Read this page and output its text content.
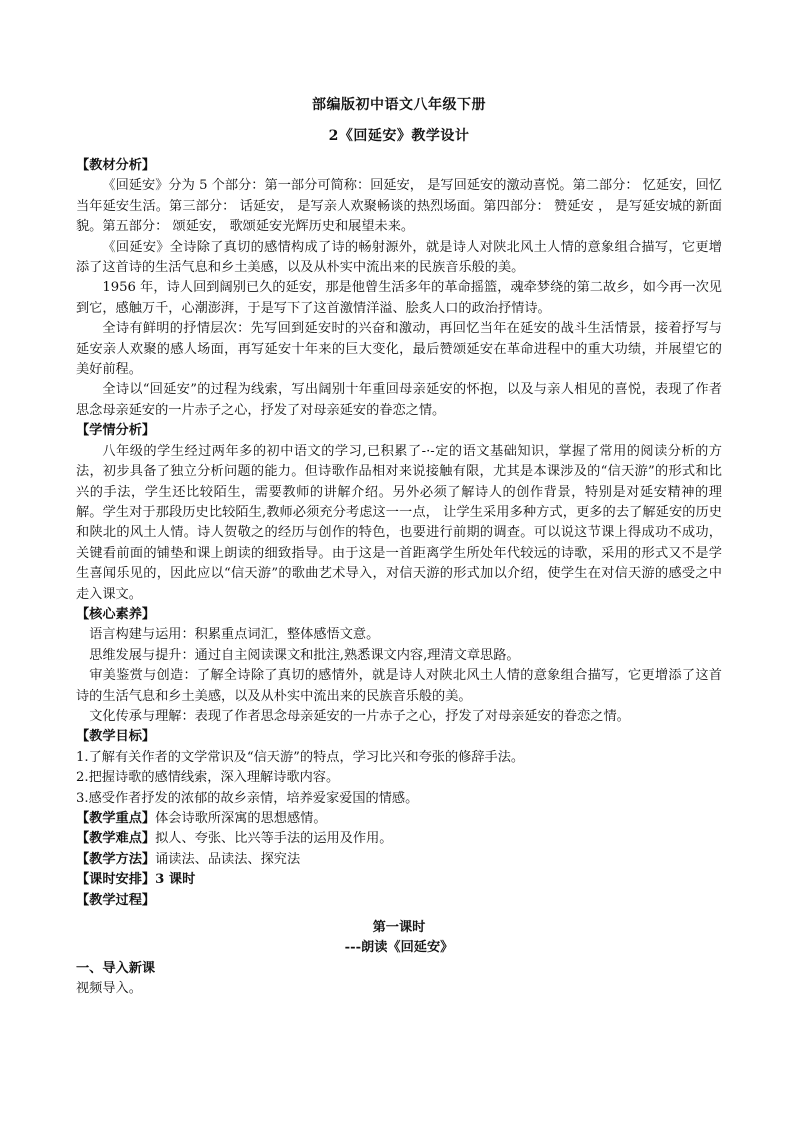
部编版初中语文八年级下册
2《回延安》教学设计
【教材分析】

《回延安》分为 5 个部分：第一部分可简称：回延安， 是写回延安的激动喜悦。第二部分： 忆延安，回忆当年延安生活。第三部分： 话延安， 是写亲人欢聚畅谈的热烈场面。第四部分： 赞延安 ， 是写延安城的新面貌。第五部分： 颂延安， 歌颂延安光辉历史和展望未来。

《回延安》全诗除了真切的感情构成了诗的畅射源外，就是诗人对陕北风土人情的意象组合描写，它更增添了这首诗的生活气息和乡土美感，以及从朴实中流出来的民族音乐般的美。

1956 年，诗人回到阔别已久的延安，那是他曾生活多年的革命摇篮，魂牵梦绕的第二故乡，如今再一次见到它，感触万千，心潮澎湃，于是写下了这首激情洋溢、脍炙人口的政治抒情诗。

全诗有鲜明的抒情层次：先写回到延安时的兴奋和激动，再回忆当年在延安的战斗生活情景，接着抒写与延安亲人欢聚的感人场面，再写延安十年来的巨大变化，最后赞颂延安在革命进程中的重大功绩，并展望它的美好前程。

全诗以“回延安”的过程为线索，写出阔别十年重回母亲延安的怀抱，以及与亲人相见的喜悦，表现了作者思念母亲延安的一片赤子之心，抒发了对母亲延安的眷恋之情。

【学情分析】

八年级的学生经过两年多的初中语文的学习,已积累了-·-定的语文基础知识，掌握了常用的阅读分析的方法，初步具备了独立分析问题的能力。但诗歌作品相对来说接触有限，尤其是本课涉及的“信天游”的形式和比兴的手法，学生还比较陌生，需要教师的讲解介绍。另外必须了解诗人的创作背景，特别是对延安精神的理解。学生对于那段历史比较陌生,教师必须充分考虑这一一点， 让学生采用多种方式，更多的去了解延安的历史和陕北的风土人情。诗人贺敬之的经历与创作的特色，也要进行前期的调查。可以说这节课上得成功不成功，关键看前面的铺垫和课上朗读的细致指导。由于这是一首距离学生所处年代较远的诗歌，采用的形式又不是学生喜闻乐见的，因此应以“信天游”的歌曲艺术导入，对信天游的形式加以介绍，使学生在对信天游的感受之中走入课文。

【核心素养】

语言构建与运用：积累重点词汇，整体感悟文意。

思维发展与提升：通过自主阅读课文和批注,熟悉课文内容,理清文章思路。

审美鉴赏与创造：了解全诗除了真切的感情外，就是诗人对陕北风土人情的意象组合描写，它更增添了这首诗的生活气息和乡土美感，以及从朴实中流出来的民族音乐般的美。

文化传承与理解：表现了作者思念母亲延安的一片赤子之心，抒发了对母亲延安的眷恋之情。

【教学目标】

1.了解有关作者的文学常识及“信天游”的特点，学习比兴和夸张的修辞手法。

2.把握诗歌的感情线索，深入理解诗歌内容。

3.感受作者抒发的浓郁的故乡亲情，培养爱家爱国的情感。

【教学重点】体会诗歌所深寓的思想感情。

【教学难点】拟人、夸张、比兴等手法的运用及作用。

【教学方法】诵读法、品读法、探究法

【课时安排】3 课时

【教学过程】
第一课时
---朗读《回延安》
一、导入新课

视频导入。
